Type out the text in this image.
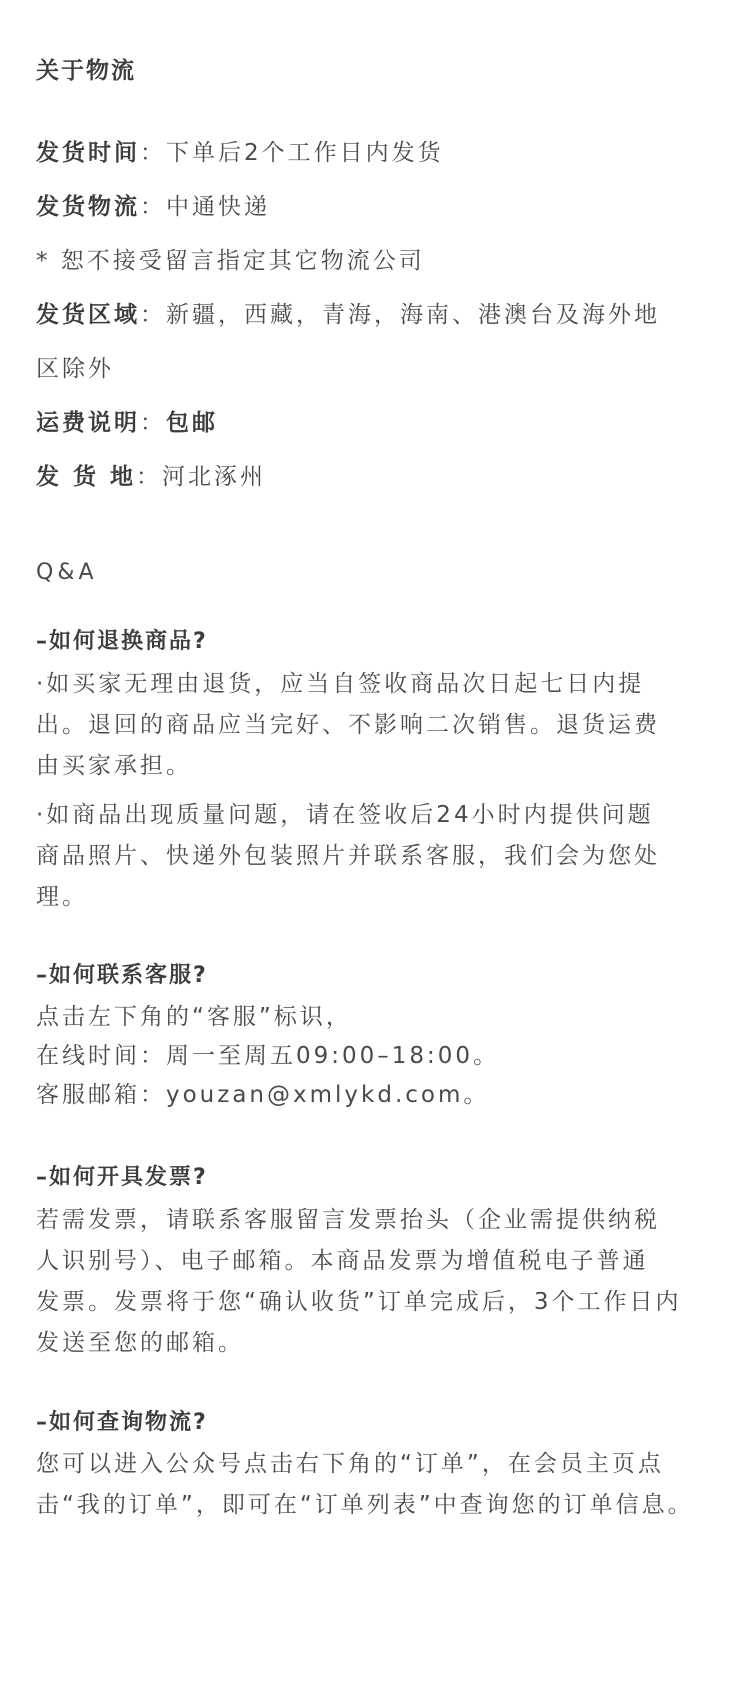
关于物流
发货时间：下单后2个工作日内发货
发货物流：中通快递
* 恕不接受留言指定其它物流公司
发货区域：新疆，西藏，青海，海南、港澳台及海外地
区除外
运费说明：包邮
发 货 地：河北涿州
Q&A
–如何退换商品?
·如买家无理由退货，应当自签收商品次日起七日内提
出。退回的商品应当完好、不影响二次销售。退货运费
由买家承担。
·如商品出现质量问题，请在签收后24小时内提供问题
商品照片、快递外包装照片并联系客服，我们会为您处
理。
–如何联系客服?
点击左下角的“客服”标识，
在线时间：周一至周五09:00–18:00。
客服邮箱：youzan@xmlykd.com。
–如何开具发票?
若需发票，请联系客服留言发票抬头（企业需提供纳税
人识别号）、电子邮箱。本商品发票为增值税电子普通
发票。发票将于您“确认收货”订单完成后，3个工作日内
发送至您的邮箱。
–如何查询物流?
您可以进入公众号点击右下角的“订单”，在会员主页点
击“我的订单”，即可在“订单列表”中查询您的订单信息。
